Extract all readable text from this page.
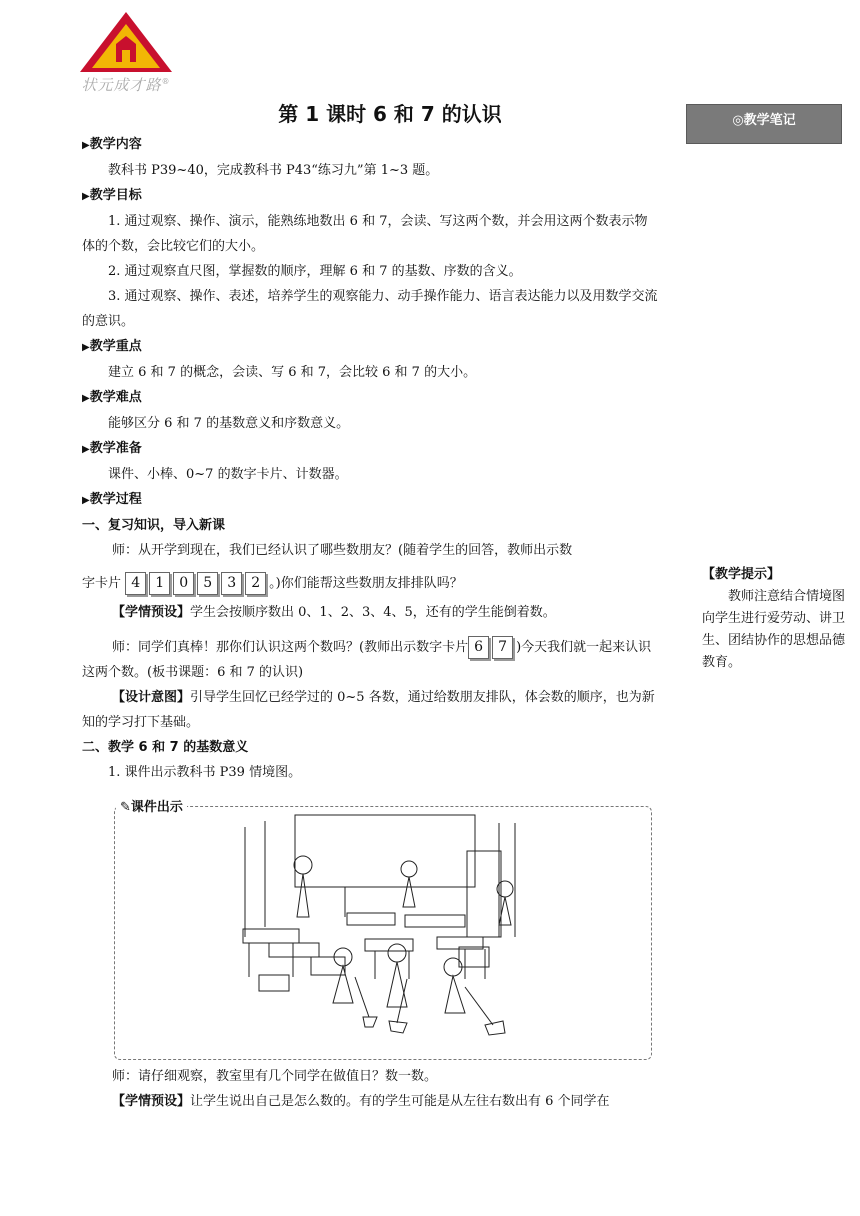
状元成才路®
第 1 课时 6 和 7 的认识	◎教学笔记

▶教学内容

教科书 P39~40，完成教科书 P43“练习九”第 1~3 题。

▶教学目标

1. 通过观察、操作、演示，能熟练地数出 6 和 7，会读、写这两个数，并会用这两个数表示物体的个数，会比较它们的大小。

2. 通过观察直尺图，掌握数的顺序，理解 6 和 7 的基数、序数的含义。

3. 通过观察、操作、表述，培养学生的观察能力、动手操作能力、语言表达能力以及用数学交流的意识。

▶教学重点

建立 6 和 7 的概念，会读、写 6 和 7，会比较 6 和 7 的大小。

▶教学难点

能够区分 6 和 7 的基数意义和序数意义。

▶教学准备

课件、小棒、0~7 的数字卡片、计数器。

▶教学过程

一、复习知识，导入新课

师：从开学到现在，我们已经认识了哪些数朋友？(随着学生的回答，教师出示数

字卡片 4 1 0 5 3 2 。)你们能帮这些数朋友排排队吗？

【学情预设】学生会按顺序数出 0、1、2、3、4、5，还有的学生能倒着数。

师：同学们真棒！那你们认识这两个数吗？(教师出示数字卡片 6 7 )今天我们就一起来认识这两个数。(板书课题：6 和 7 的认识)

【设计意图】引导学生回忆已经学过的 0~5 各数，通过给数朋友排队，体会数的顺序，也为新知的学习打下基础。

二、教学 6 和 7 的基数意义

1. 课件出示教科书 P39 情境图。

【教学提示】
教师注意结合情境图向学生进行爱劳动、讲卫生、团结协作的思想品德教育。
✎课件出示

师：请仔细观察，教室里有几个同学在做值日？数一数。

【学情预设】让学生说出自己是怎么数的。有的学生可能是从左往右数出有 6 个同学在
